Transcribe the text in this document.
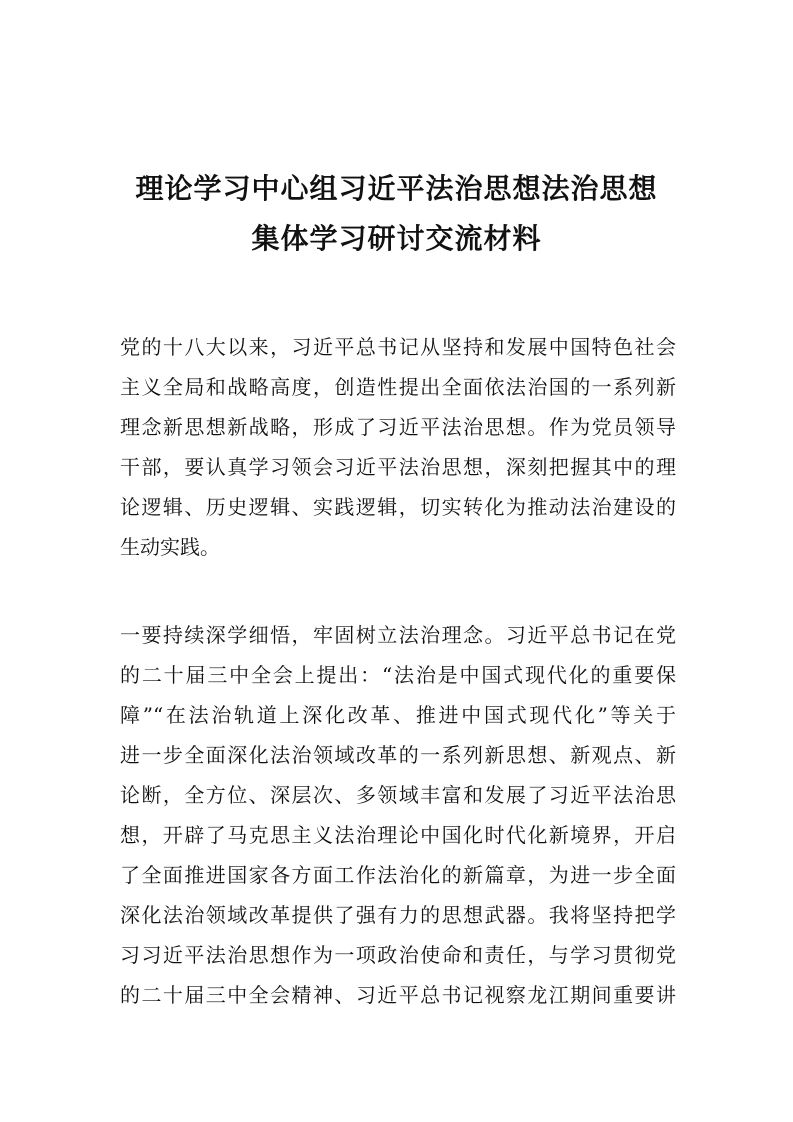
理论学习中心组习近平法治思想法治思想
集体学习研讨交流材料
党的十八大以来，习近平总书记从坚持和发展中国特色社会
主义全局和战略高度，创造性提出全面依法治国的一系列新
理念新思想新战略，形成了习近平法治思想。作为党员领导
干部，要认真学习领会习近平法治思想，深刻把握其中的理
论逻辑、历史逻辑、实践逻辑，切实转化为推动法治建设的
生动实践。
一要持续深学细悟，牢固树立法治理念。习近平总书记在党
的二十届三中全会上提出：“法治是中国式现代化的重要保
障”“在法治轨道上深化改革、推进中国式现代化”等关于
进一步全面深化法治领域改革的一系列新思想、新观点、新
论断，全方位、深层次、多领域丰富和发展了习近平法治思
想，开辟了马克思主义法治理论中国化时代化新境界，开启
了全面推进国家各方面工作法治化的新篇章，为进一步全面
深化法治领域改革提供了强有力的思想武器。我将坚持把学
习习近平法治思想作为一项政治使命和责任，与学习贯彻党
的二十届三中全会精神、习近平总书记视察龙江期间重要讲
